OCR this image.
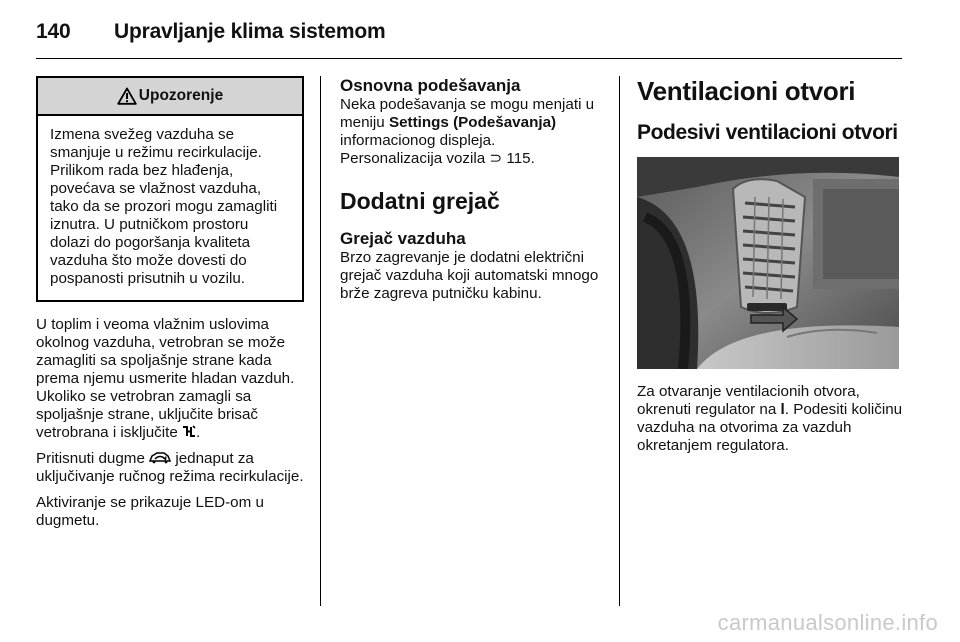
140 Upravljanje klima sistemom
Upozorenje
Izmena svežeg vazduha se smanjuje u režimu recirkulacije. Prilikom rada bez hlađenja, povećava se vlažnost vazduha, tako da se prozori mogu zamagliti iznutra. U putničkom prostoru dolazi do pogoršanja kvaliteta vazduha što može dovesti do pospanosti prisutnih u vozilu.

U toplim i veoma vlažnim uslovima okolnog vazduha, vetrobran se može zamagliti sa spoljašnje strane kada prema njemu usmerite hladan vazduh. Ukoliko se vetrobran zamagli sa spoljašnje strane, uključite brisač vetrobrana i isključite .

Pritisnuti dugme  jednaput za uključivanje ručnog režima recirkulacije.

Aktiviranje se prikazuje LED-om u dugmetu.

Osnovna podešavanja

Neka podešavanja se mogu menjati u meniju Settings (Podešavanja) informacionog displeja.
Personalizacija vozila ⊃ 115.

Dodatni grejač
Grejač vazduha

Brzo zagrevanje je dodatni električni grejač vazduha koji automatski mnogo brže zagreva putničku kabinu.

Ventilacioni otvori
Podesivi ventilacioni otvori

Za otvaranje ventilacionih otvora, okrenuti regulator na l. Podesiti količinu vazduha na otvorima za vazduh okretanjem regulatora.

carmanualsonline.info
